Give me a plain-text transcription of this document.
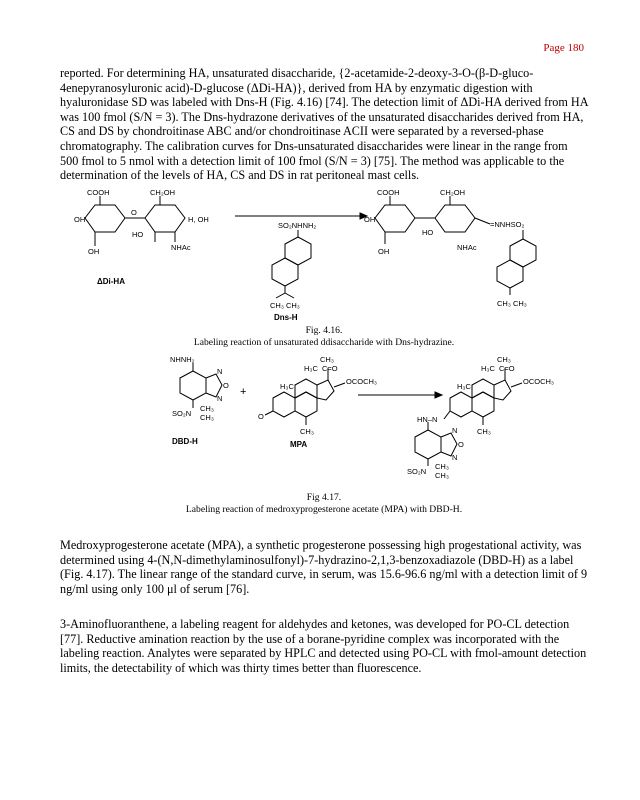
Page 180

reported. For determining HA, unsaturated disaccharide, {2-acetamide-2-deoxy-3-O-(β-D-gluco-4enepyranosyluronic acid)-D-glucose (ΔDi-HA)}, derived from HA by enzymatic digestion with hyaluronidase SD was labeled with Dns-H (Fig. 4.16) [74]. The detection limit of ΔDi-HA derived from HA was 100 fmol (S/N = 3). The Dns-hydrazone derivatives of the unsaturated disaccharides derived from HA, CS and DS by chondroitinase ABC and/or chondroitinase ACII were separated by a reversed-phase chromatography. The calibration curves for Dns-unsaturated disaccharides were linear in the range from 500 fmol to 5 nmol with a detection limit of 100 fmol (S/N = 3) [75]. The method was applicable to the determination of the levels of HA, CS and DS in rat peritoneal mast cells.

COOH	CH₂OH
OH
HO
H, OH
OH	NHAc
O
SO₂NHNH₂
CH₃ CH₃
COOH	CH₂OH
OH
HO
OH	NHAc
=NNHSO₂
CH₃ CH₃
ΔDi-HA
Dns-H
Fig. 4.16.
Labeling reaction of unsaturated ddisaccharide with Dns-hydrazine.
NHNH₂
N
O
N
SO₂N
CH₃
CH₃
+
CH₃
H₃C C=O
OCOCH₃
H₃C
O
CH₃
CH₃
H₃C C=O
OCOCH₃
H₃C
CH₃
HN–N
N
O
N
SO₂N
CH₃
CH₃
DBD-H	MPA
Fig 4.17.
Labeling reaction of medroxyprogesterone acetate (MPA) with DBD-H.

Medroxyprogesterone acetate (MPA), a synthetic progesterone possessing high progestational activity, was determined using 4-(N,N-dimethylaminosulfonyl)-7-hydrazino-2,1,3-benzoxadiazole (DBD-H) as a label (Fig. 4.17). The linear range of the standard curve, in serum, was 15.6-96.6 ng/ml with a detection limit of 9 ng/ml using only 100 μl of serum [76].

3-Aminofluoranthene, a labeling reagent for aldehydes and ketones, was developed for PO-CL detection [77]. Reductive amination reaction by the use of a borane-pyridine complex was incorporated with the labeling reaction. Analytes were separated by HPLC and detected using PO-CL with fmol-amount detection limits, the detectability of which was thirty times better than fluorescence.
